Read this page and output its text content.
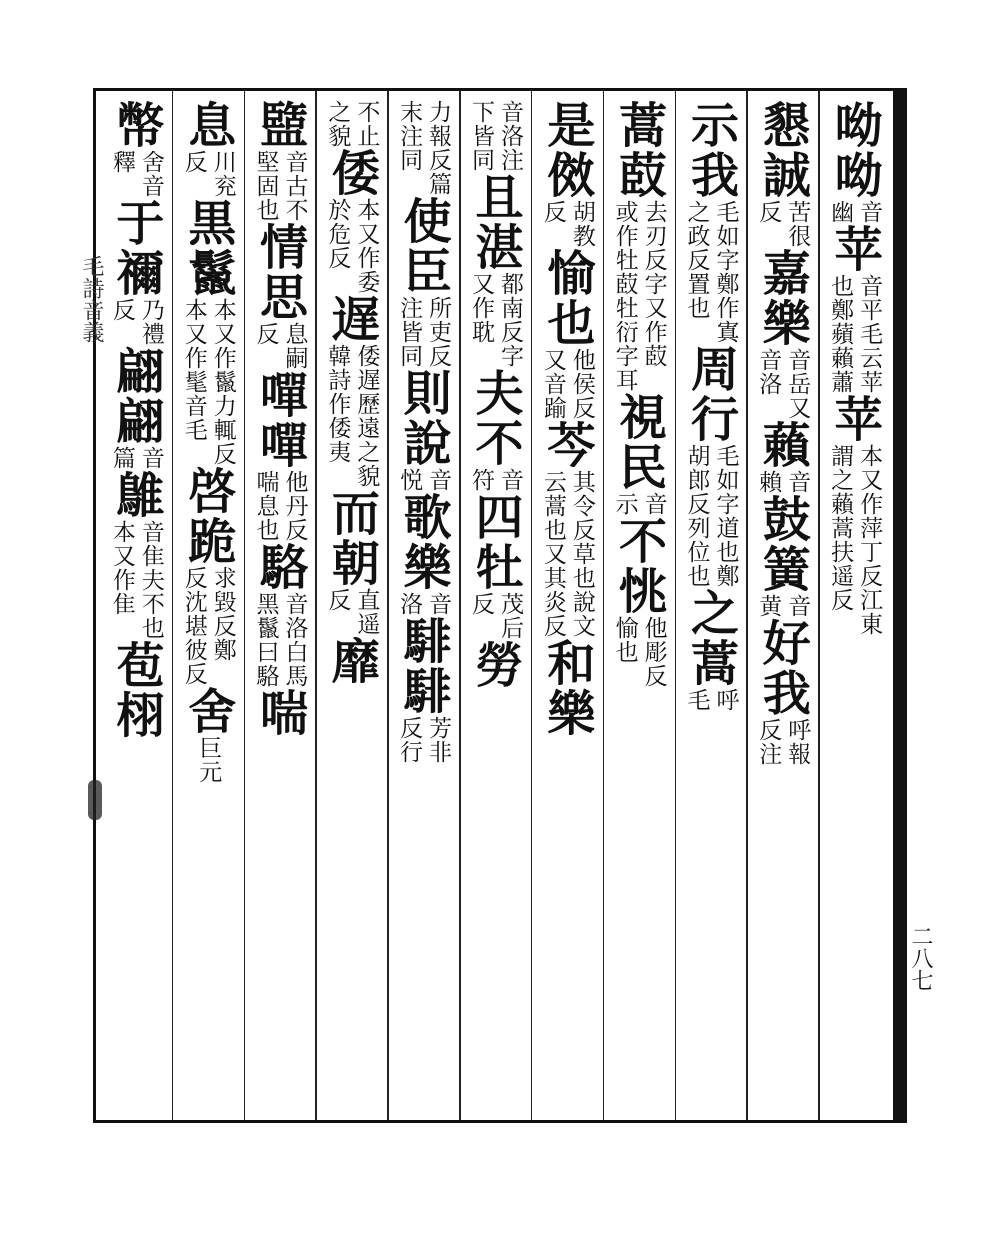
毛詩音義
二八七
呦呦
音
幽
苹
音平毛云苹
也鄭蘋藾蕭
苹
本又作萍
謂之藾蒿
丁反江東
扶遥反
懇誠
苦很
反
嘉樂
音岳又
音洛
藾
音
賴
鼓簧
音
黄
好我
呼報
反注
示我
毛如字鄭作寘
之政反置也
周行
毛如字道也鄭
胡郎反列位也
之蒿
呼
毛
蒿菣
去刃反字又作菣
或作牡菣牡衍字耳
視民
音
示
不恌
他彫反
愉也
是傚
胡教
反
愉也
他侯反
又音踰
芩
其令反草也說文
云蒿也又其炎反
和樂
音洛注
下皆同
且湛
都南反字
又作耽
夫不
音
符
四牡
茂后
反
勞
力報反篇
末注同
使臣
所吏反
注皆同
則說
音
悦
歌樂
音
洛
騑騑
芳非
反行
不止
之貌
倭
本又作委
於危反
遅
倭遅歷遠之貌
韓詩作倭夷
而朝
直遥
反
靡
盬
音古不
堅固也
情思
息嗣
反
嘽嘽
他丹反
喘息也
駱
音洛白馬
黑鬣曰駱
喘
息
川兖
反
黒鬣
本又作鬣力輒反
本又作髦音毛
啓跪
求毀反鄭
反沈堪彼反
舍
巨元
幣
舍音
釋
于禰
乃禮
反
翩翩
音
篇
鵻
音隹夫不也
本又作隹
苞栩
